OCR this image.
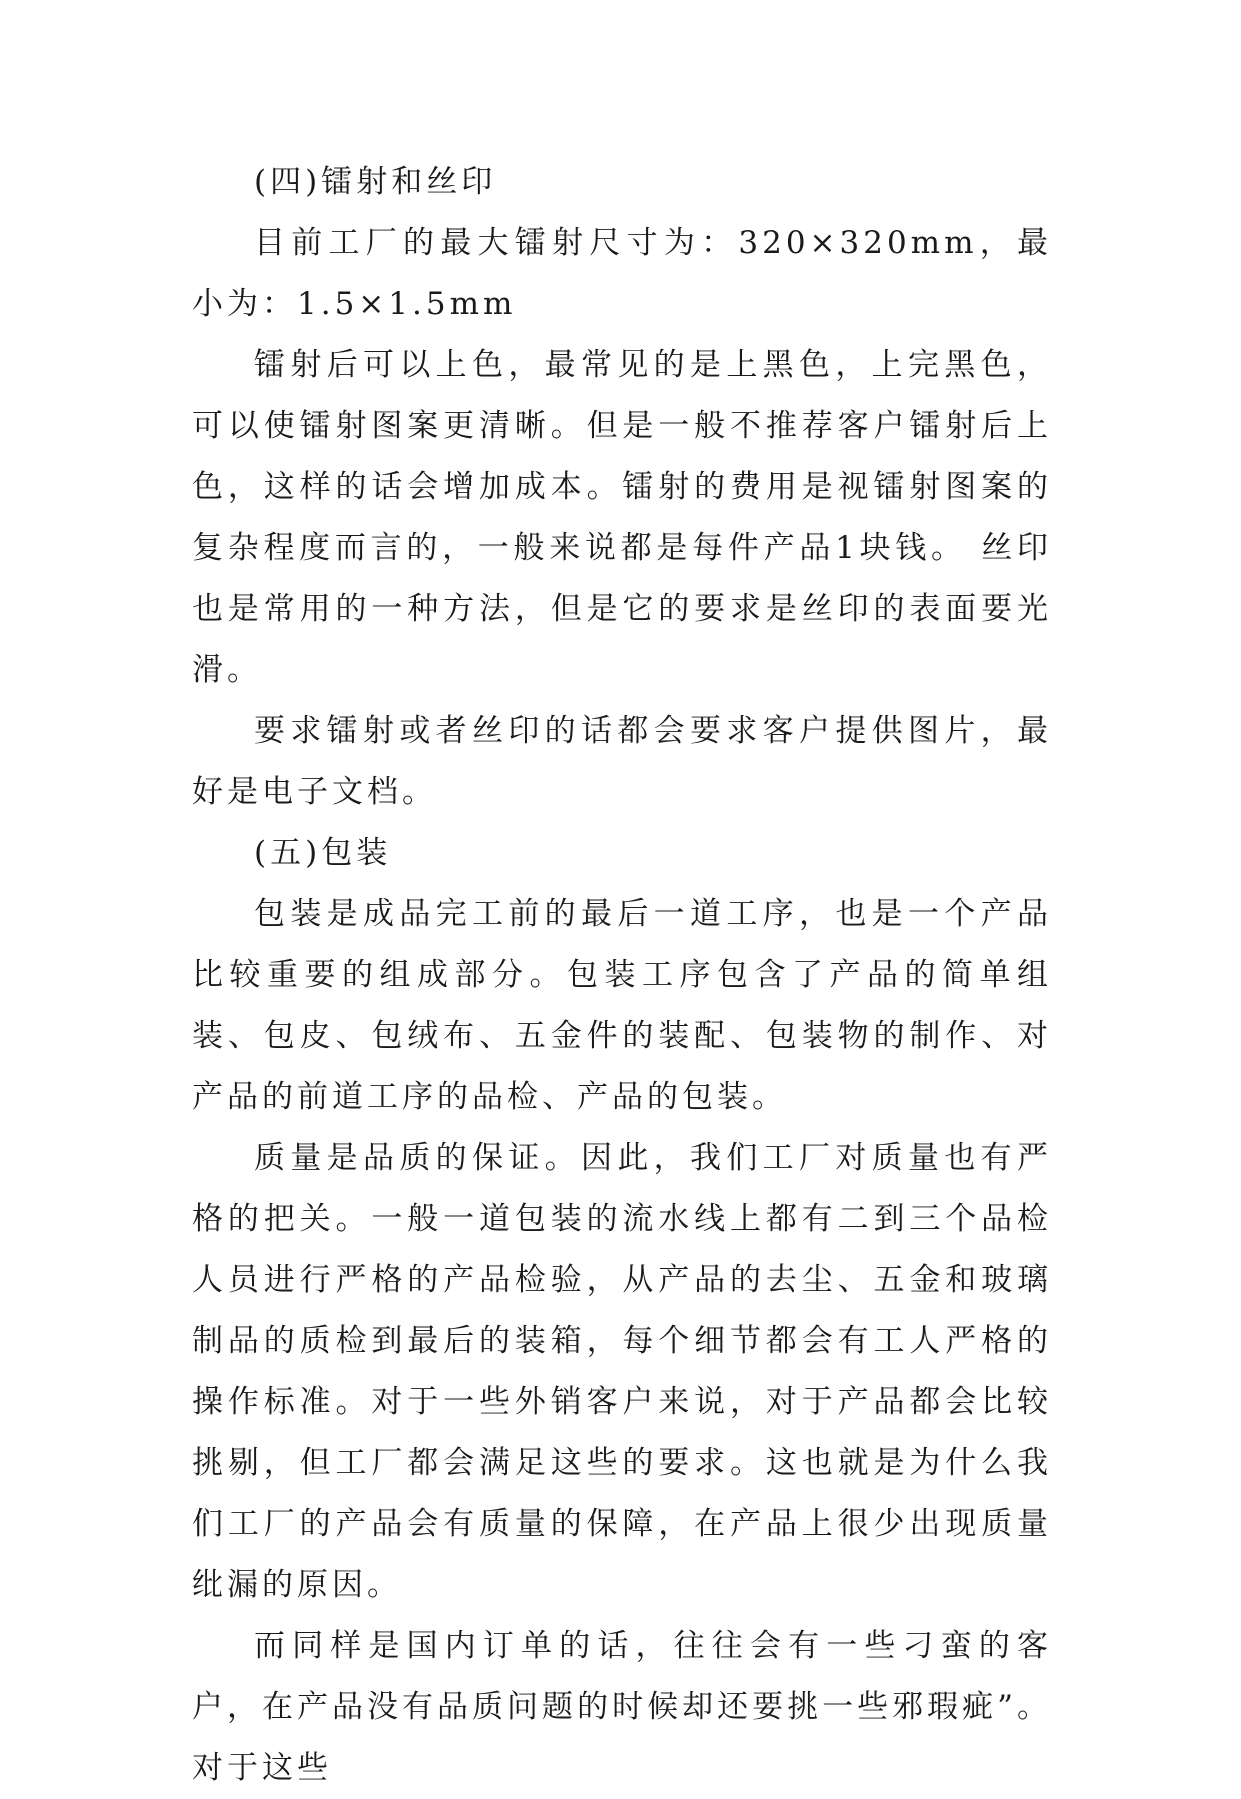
(四)镭射和丝印

目前工厂的最大镭射尺寸为：320×320mm，最小为：1.5×1.5mm

镭射后可以上色，最常见的是上黑色，上完黑色，可以使镭射图案更清晰。但是一般不推荐客户镭射后上色，这样的话会增加成本。镭射的费用是视镭射图案的复杂程度而言的，一般来说都是每件产品1块钱。 丝印也是常用的一种方法，但是它的要求是丝印的表面要光滑。

要求镭射或者丝印的话都会要求客户提供图片，最好是电子文档。

(五)包装

包装是成品完工前的最后一道工序，也是一个产品比较重要的组成部分。包装工序包含了产品的简单组装、包皮、包绒布、五金件的装配、包装物的制作、对产品的前道工序的品检、产品的包装。

质量是品质的保证。因此，我们工厂对质量也有严格的把关。一般一道包装的流水线上都有二到三个品检人员进行严格的产品检验，从产品的去尘、五金和玻璃制品的质检到最后的装箱，每个细节都会有工人严格的操作标准。对于一些外销客户来说，对于产品都会比较挑剔，但工厂都会满足这些的要求。这也就是为什么我们工厂的产品会有质量的保障，在产品上很少出现质量纰漏的原因。

而同样是国内订单的话，往往会有一些刁蛮的客户，在产品没有品质问题的时候却还要挑一些邪瑕疵”。对于这些
